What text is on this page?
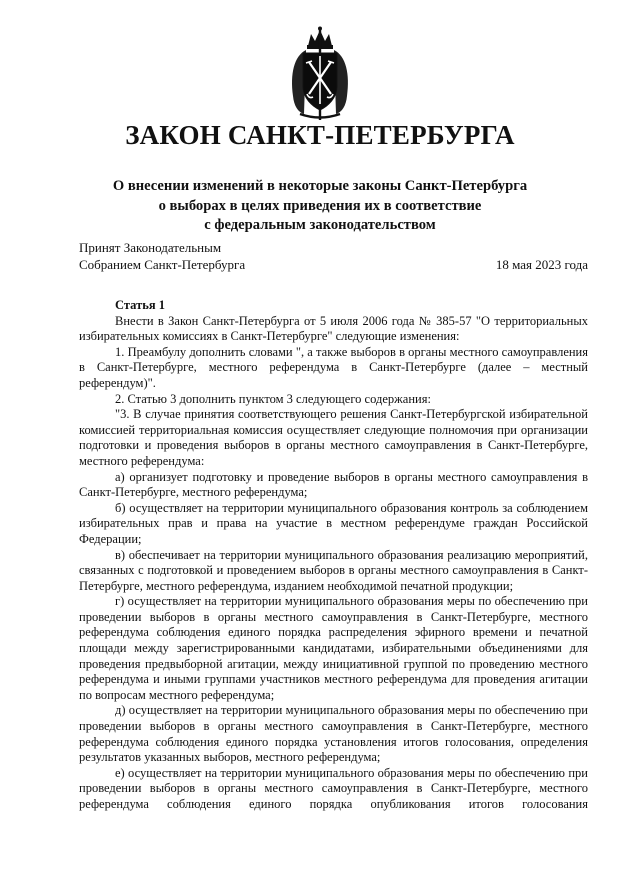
ЗАКОН САНКТ-ПЕТЕРБУРГА
О внесении изменений в некоторые законы Санкт-Петербурга
о выборах в целях приведения их в соответствие
с федеральным законодательством
Принят Законодательным
Собранием Санкт-Петербурга	18 мая 2023 года

Статья 1

Внести в Закон Санкт-Петербурга от 5 июля 2006 года № 385-57 "О территориальных избирательных комиссиях в Санкт-Петербурге" следующие изменения:

1. Преамбулу дополнить словами ", а также выборов в органы местного самоуправления в Санкт-Петербурге, местного референдума в Санкт-Петербурге (далее – местный референдум)".

2. Статью 3 дополнить пунктом 3 следующего содержания:

"3. В случае принятия соответствующего решения Санкт-Петербургской избирательной комиссией территориальная комиссия осуществляет следующие полномочия при организации подготовки и проведения выборов в органы местного самоуправления в Санкт-Петербурге, местного референдума:

а) организует подготовку и проведение выборов в органы местного самоуправления в Санкт-Петербурге, местного референдума;

б) осуществляет на территории муниципального образования контроль за соблюдением избирательных прав и права на участие в местном референдуме граждан Российской Федерации;

в) обеспечивает на территории муниципального образования реализацию мероприятий, связанных с подготовкой и проведением выборов в органы местного самоуправления в Санкт-Петербурге, местного референдума, изданием необходимой печатной продукции;

г) осуществляет на территории муниципального образования меры по обеспечению при проведении выборов в органы местного самоуправления в Санкт-Петербурге, местного референдума соблюдения единого порядка распределения эфирного времени и печатной площади между зарегистрированными кандидатами, избирательными объединениями для проведения предвыборной агитации, между инициативной группой по проведению местного референдума и иными группами участников местного референдума для проведения агитации по вопросам местного референдума;

д) осуществляет на территории муниципального образования меры по обеспечению при проведении выборов в органы местного самоуправления в Санкт-Петербурге, местного референдума соблюдения единого порядка установления итогов голосования, определения результатов указанных выборов, местного референдума;

е) осуществляет на территории муниципального образования меры по обеспечению при проведении выборов в органы местного самоуправления в Санкт-Петербурге, местного референдума соблюдения единого порядка опубликования итогов голосования
